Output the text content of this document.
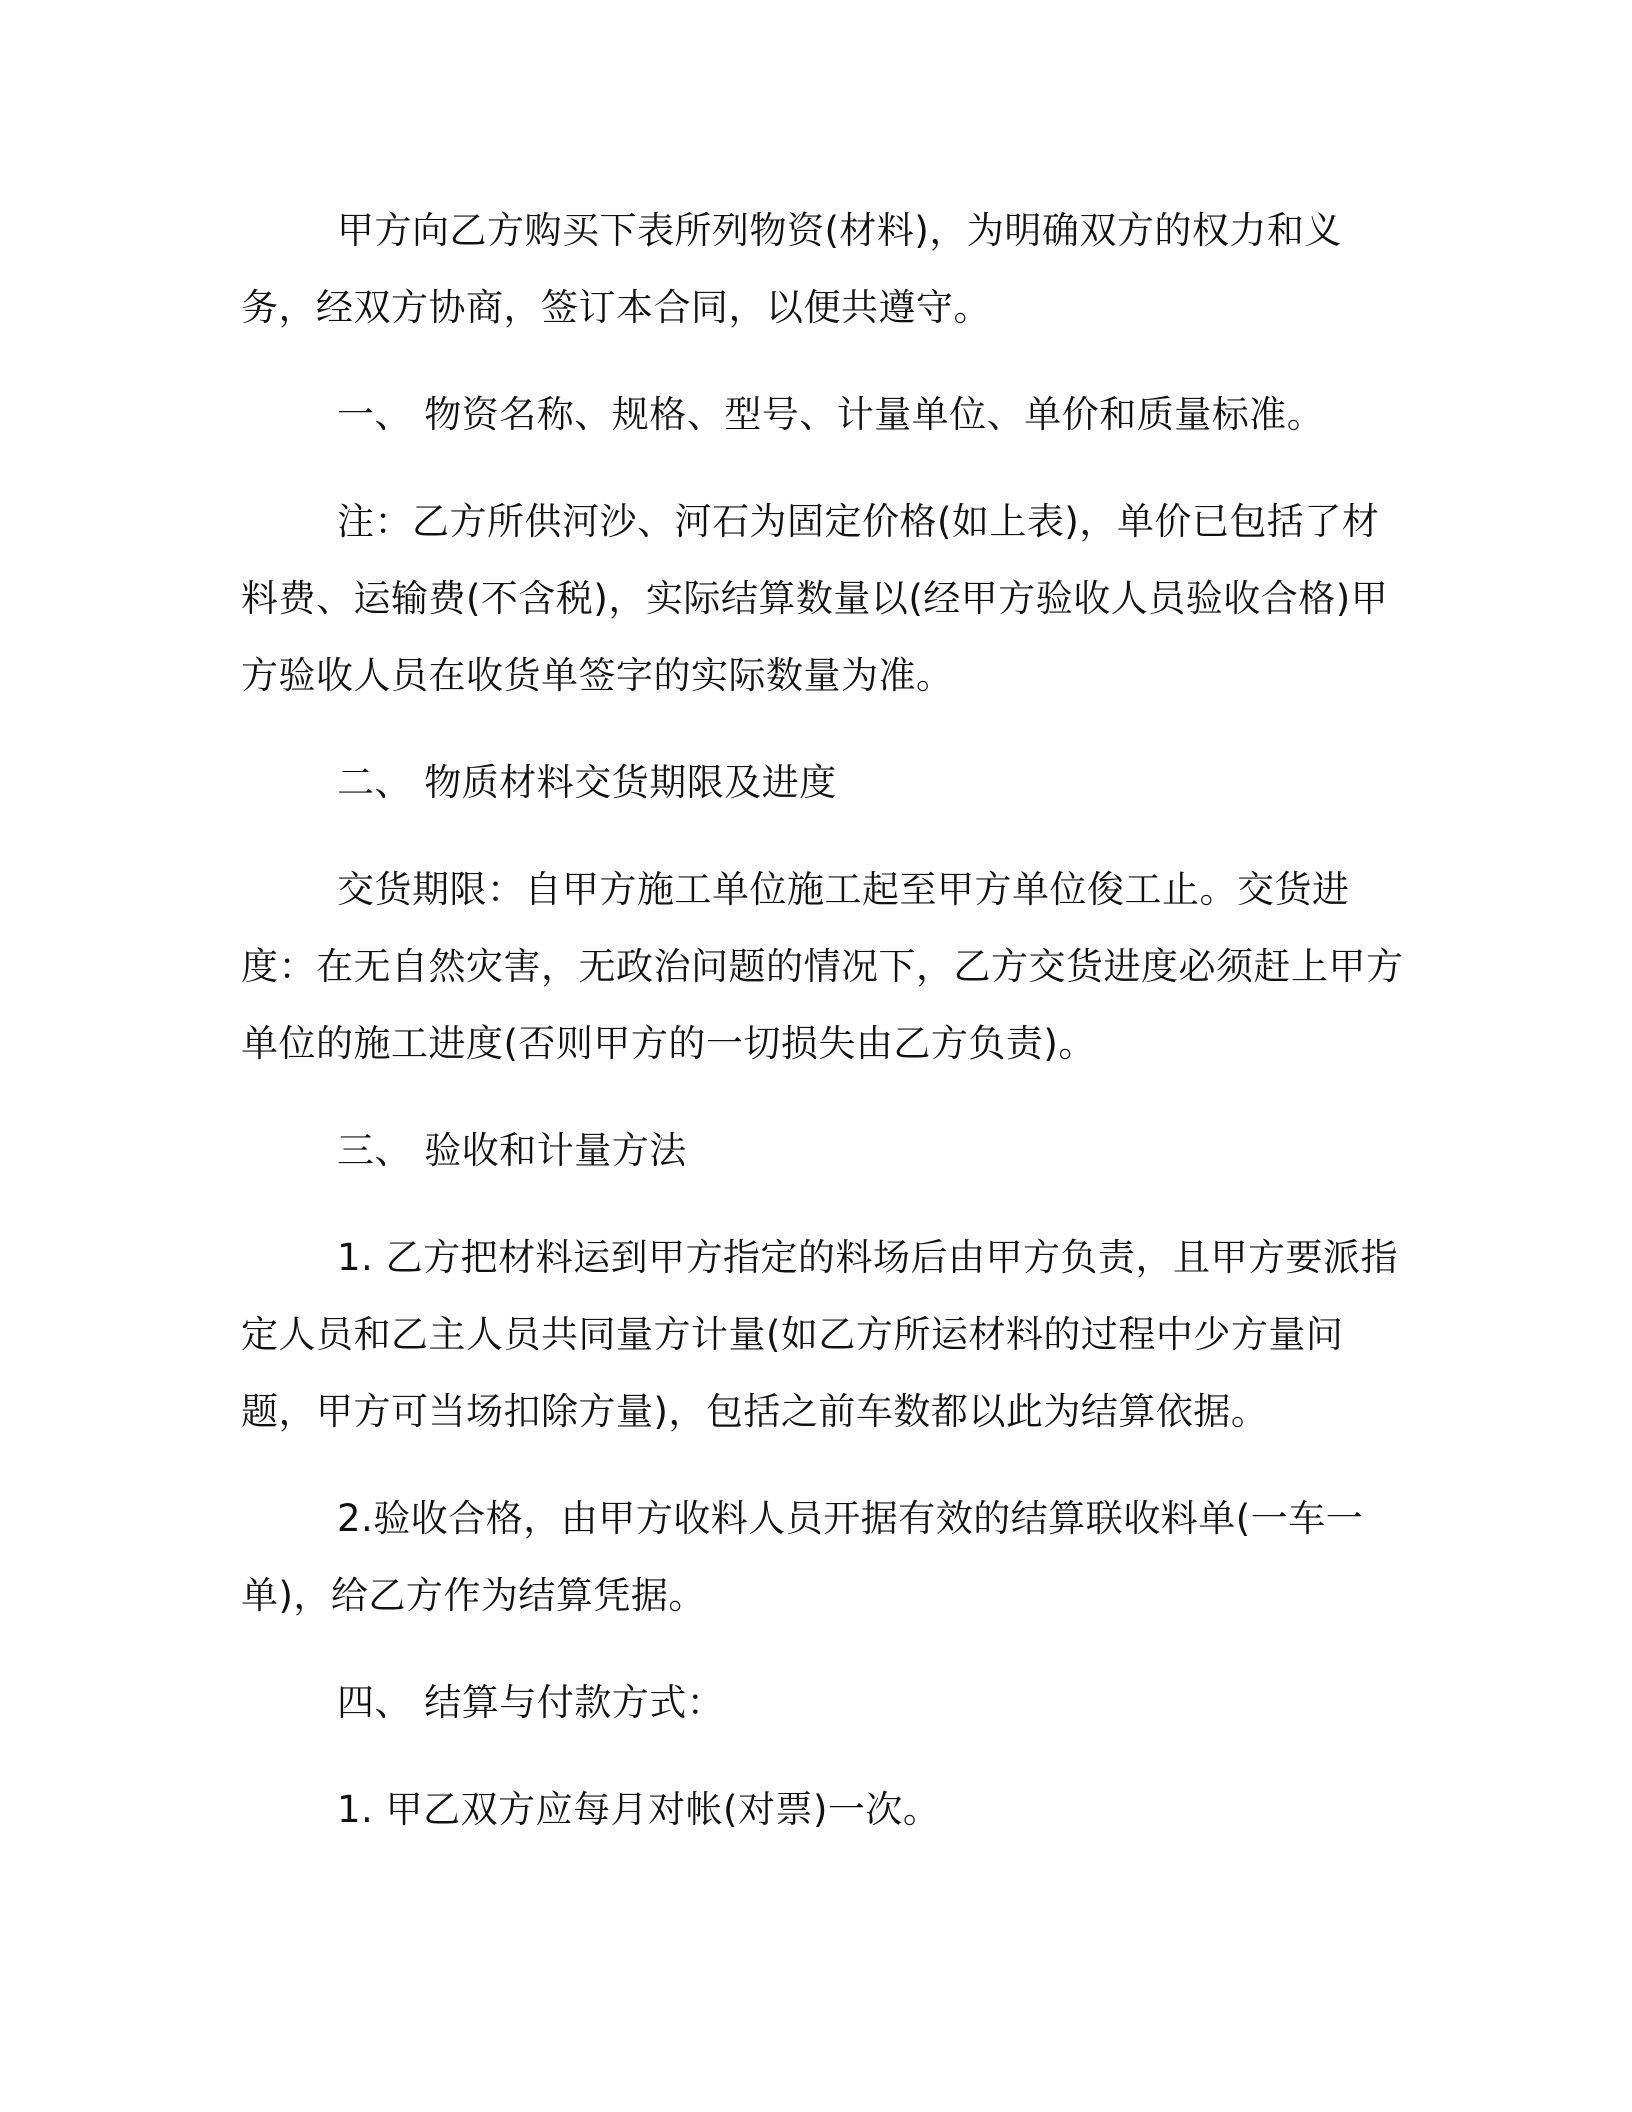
甲方向乙方购买下表所列物资(材料)，为明确双方的权力和义务，经双方协商，签订本合同，以便共遵守。

一、 物资名称、规格、型号、计量单位、单价和质量标准。

注：乙方所供河沙、河石为固定价格(如上表)，单价已包括了材料费、运输费(不含税)，实际结算数量以(经甲方验收人员验收合格)甲方验收人员在收货单签字的实际数量为准。

二、 物质材料交货期限及进度

交货期限：自甲方施工单位施工起至甲方单位俊工止。交货进度：在无自然灾害，无政治问题的情况下，乙方交货进度必须赶上甲方单位的施工进度(否则甲方的一切损失由乙方负责)。

三、 验收和计量方法

1. 乙方把材料运到甲方指定的料场后由甲方负责，且甲方要派指定人员和乙主人员共同量方计量(如乙方所运材料的过程中少方量问题，甲方可当场扣除方量)，包括之前车数都以此为结算依据。

2.验收合格，由甲方收料人员开据有效的结算联收料单(一车一单)，给乙方作为结算凭据。

四、 结算与付款方式：

1. 甲乙双方应每月对帐(对票)一次。
